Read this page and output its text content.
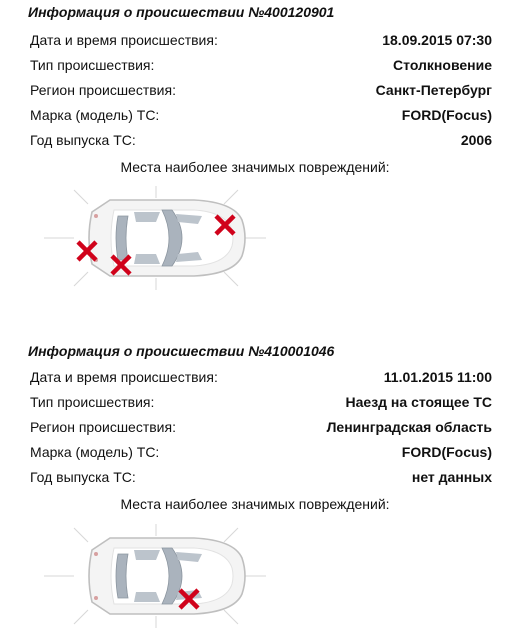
Информация о происшествии №400120901
Дата и время происшествия:	18.09.2015 07:30
Тип происшествия:	Столкновение
Регион происшествия:	Санкт-Петербург
Марка (модель) ТС:	FORD(Focus)
Год выпуска ТС:	2006
Места наиболее значимых повреждений:
Информация о происшествии №410001046
Дата и время происшествия:	11.01.2015 11:00
Тип происшествия:	Наезд на стоящее ТС
Регион происшествия:	Ленинградская область
Марка (модель) ТС:	FORD(Focus)
Год выпуска ТС:	нет данных
Места наиболее значимых повреждений:
